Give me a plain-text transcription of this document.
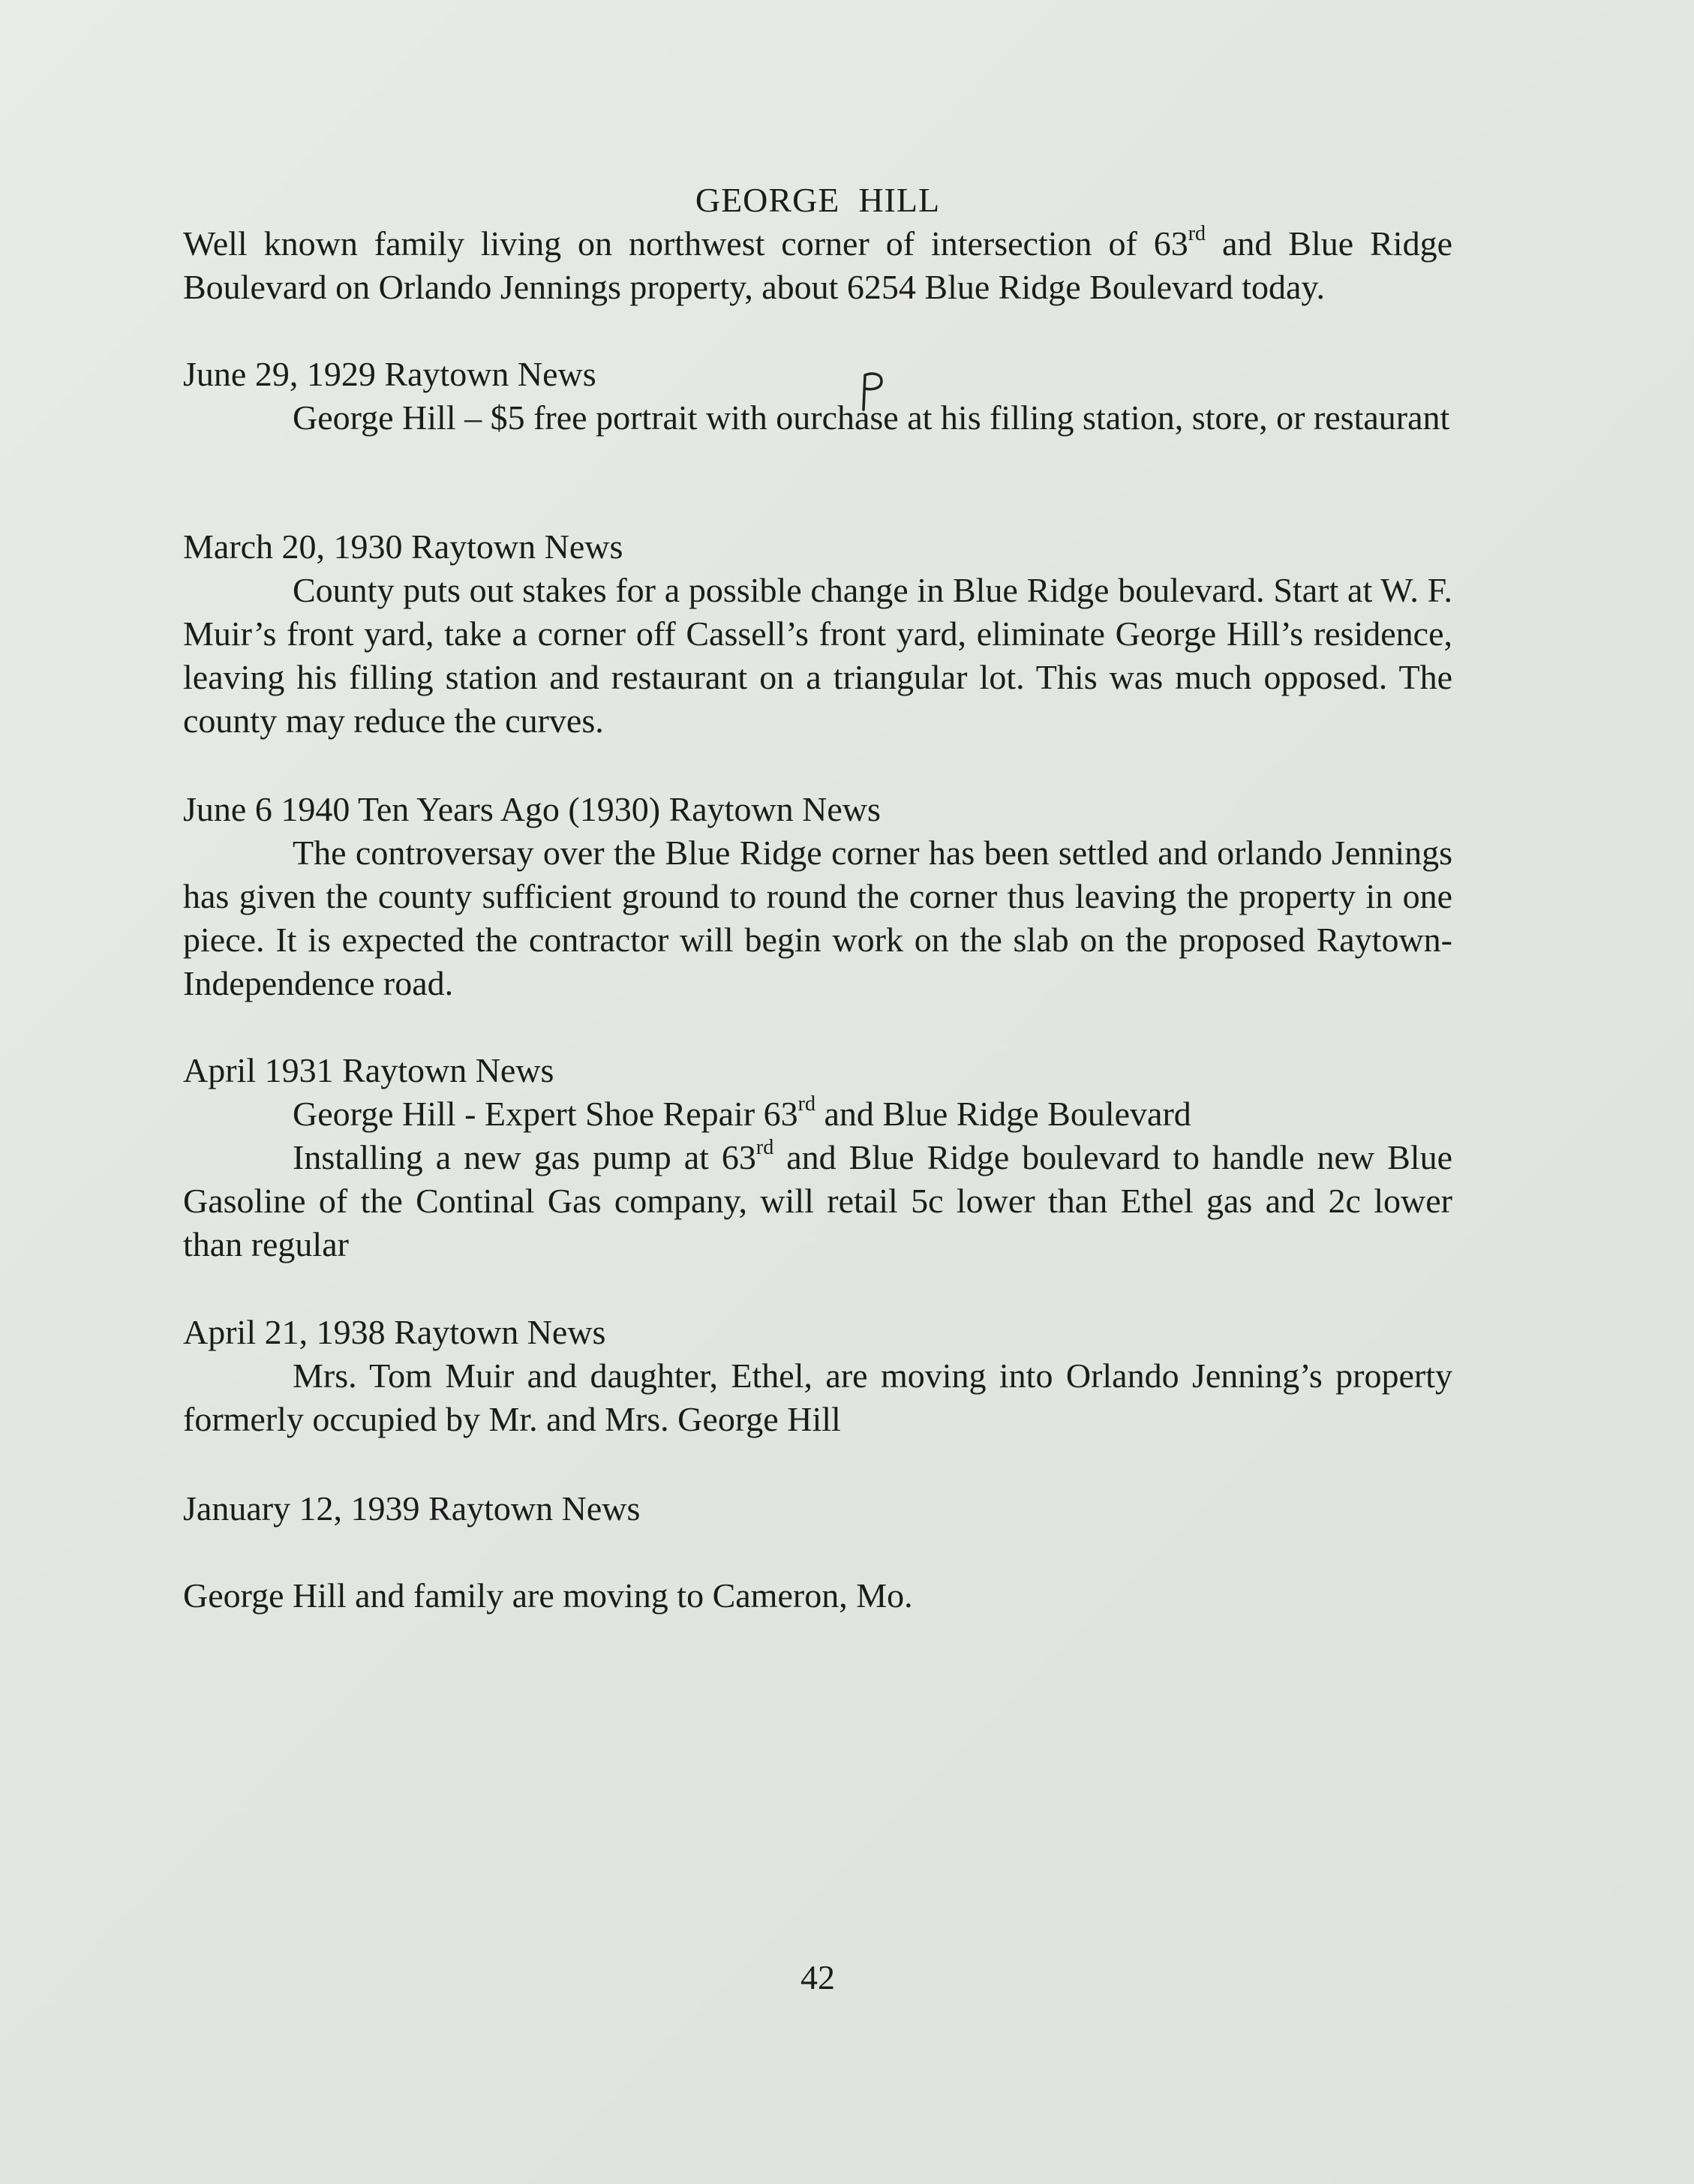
GEORGE  HILL

Well known family living on northwest corner of intersection of 63rd and Blue Ridge Boulevard on Orlando Jennings property, about 6254 Blue Ridge Boulevard today.

June 29, 1929 Raytown News

George Hill – $5 free portrait with ourchase at his filling station, store, or restaurant

March 20, 1930 Raytown News

County puts out stakes for a possible change in Blue Ridge boulevard. Start at W. F. Muir’s front yard, take a corner off Cassell’s front yard, eliminate George Hill’s residence, leaving his filling station and restaurant on a triangular lot. This was much opposed. The county may reduce the curves.

June 6 1940 Ten Years Ago (1930) Raytown News

The controversay over the Blue Ridge corner has been settled and orlando Jennings has given the county sufficient ground to round the corner thus leaving the property in one piece. It is expected the contractor will begin work on the slab on the proposed Raytown-Independence road.

April 1931 Raytown News
George Hill - Expert Shoe Repair 63rd and Blue Ridge Boulevard

Installing a new gas pump at 63rd and Blue Ridge boulevard to handle new Blue Gasoline of the Continal Gas company, will retail 5c lower than Ethel gas and 2c lower than regular

April 21, 1938 Raytown News

Mrs. Tom Muir and daughter, Ethel, are moving into Orlando Jenning’s property formerly occupied by Mr. and Mrs. George Hill

January 12, 1939 Raytown News
George Hill and family are moving to Cameron, Mo.
42
